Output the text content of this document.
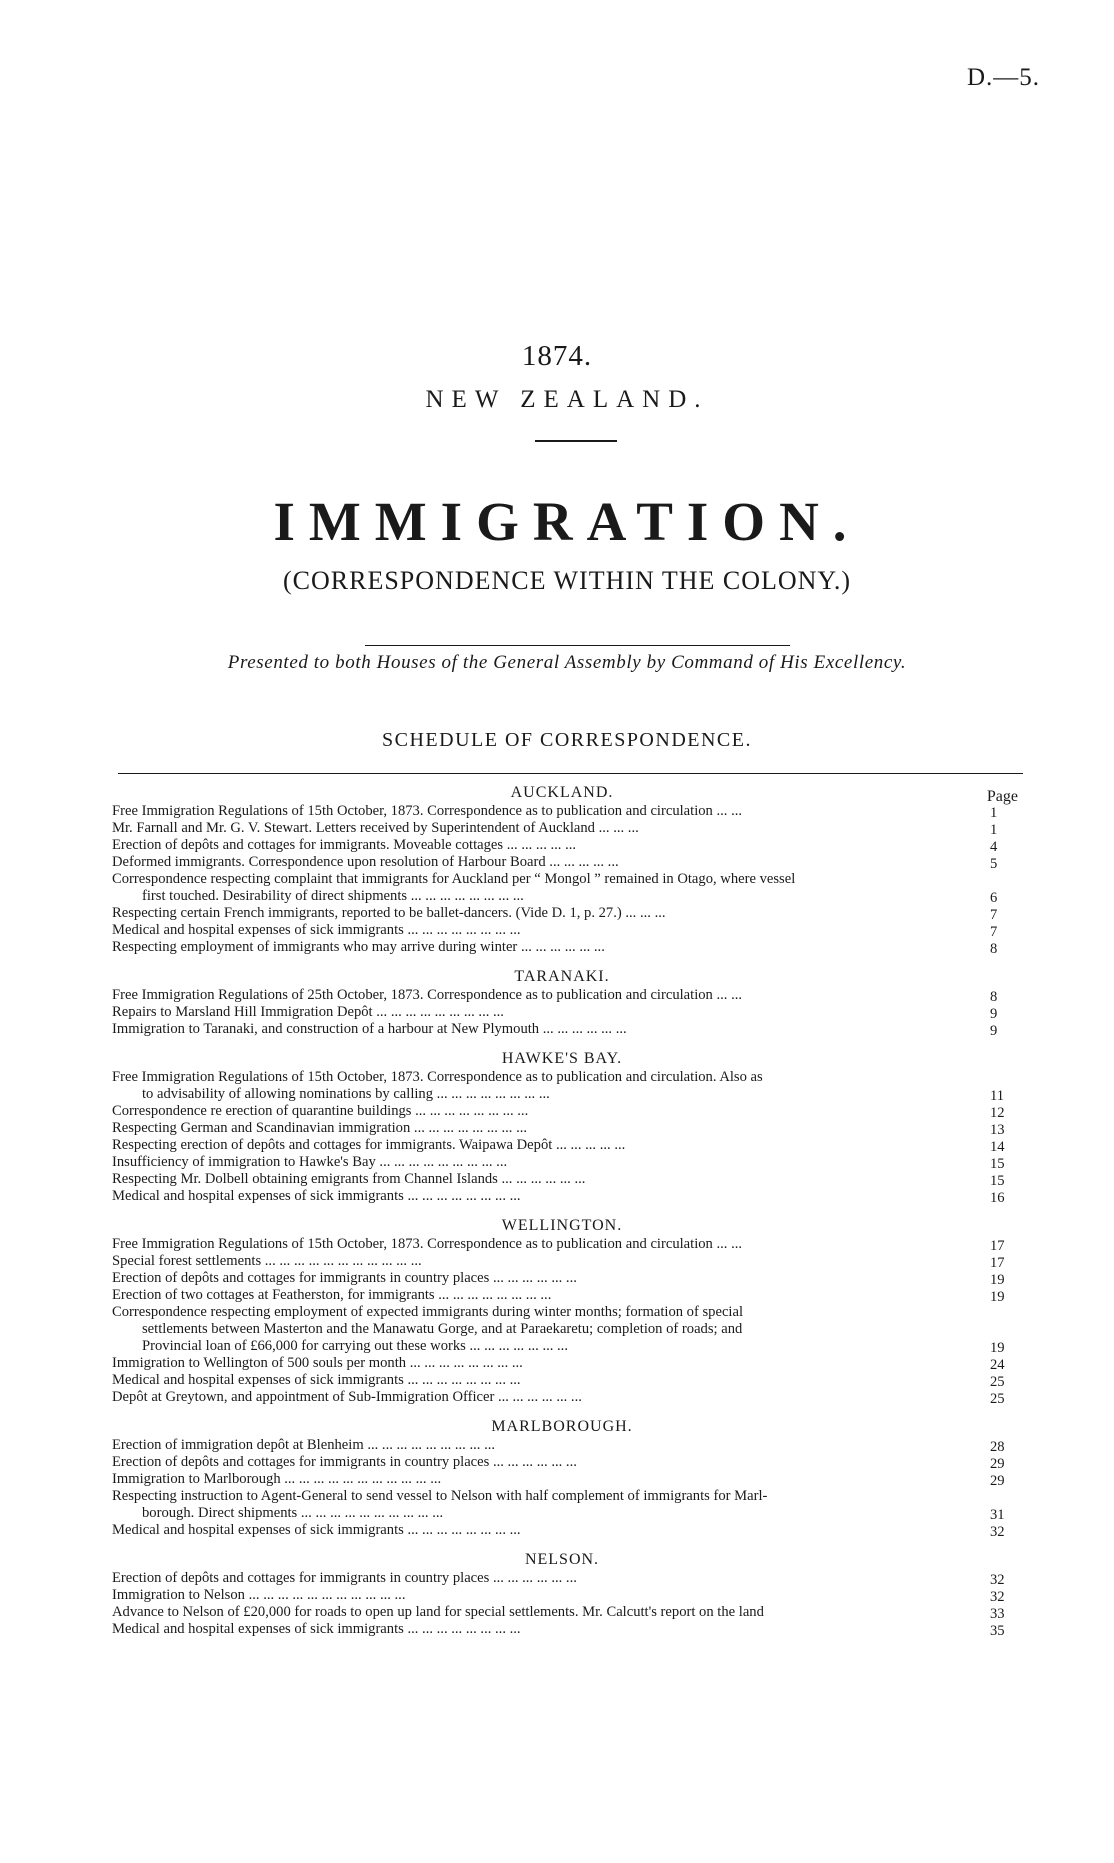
D.—5.
1874.
NEW ZEALAND.
IMMIGRATION.
(CORRESPONDENCE WITHIN THE COLONY.)
Presented to both Houses of the General Assembly by Command of His Excellency.
SCHEDULE OF CORRESPONDENCE.
Page
AUCKLAND.
Free Immigration Regulations of 15th October, 1873. Correspondence as to publication and circulation ... ...	1
Mr. Farnall and Mr. G. V. Stewart. Letters received by Superintendent of Auckland ... ... ...	1
Erection of depôts and cottages for immigrants. Moveable cottages ... ... ... ... ...	4
Deformed immigrants. Correspondence upon resolution of Harbour Board ... ... ... ... ...	5
Correspondence respecting complaint that immigrants for Auckland per “ Mongol ” remained in Otago, where vessel
first touched. Desirability of direct shipments ... ... ... ... ... ... ... ...	6
Respecting certain French immigrants, reported to be ballet-dancers. (Vide D. 1, p. 27.) ... ... ...	7
Medical and hospital expenses of sick immigrants ... ... ... ... ... ... ... ...	7
Respecting employment of immigrants who may arrive during winter ... ... ... ... ... ...	8
TARANAKI.
Free Immigration Regulations of 25th October, 1873. Correspondence as to publication and circulation ... ...	8
Repairs to Marsland Hill Immigration Depôt ... ... ... ... ... ... ... ... ...	9
Immigration to Taranaki, and construction of a harbour at New Plymouth ... ... ... ... ... ...	9
HAWKE'S BAY.
Free Immigration Regulations of 15th October, 1873. Correspondence as to publication and circulation. Also as
to advisability of allowing nominations by calling ... ... ... ... ... ... ... ...	11
Correspondence re erection of quarantine buildings ... ... ... ... ... ... ... ...	12
Respecting German and Scandinavian immigration ... ... ... ... ... ... ... ...	13
Respecting erection of depôts and cottages for immigrants. Waipawa Depôt ... ... ... ... ...	14
Insufficiency of immigration to Hawke's Bay ... ... ... ... ... ... ... ... ...	15
Respecting Mr. Dolbell obtaining emigrants from Channel Islands ... ... ... ... ... ...	15
Medical and hospital expenses of sick immigrants ... ... ... ... ... ... ... ...	16
WELLINGTON.
Free Immigration Regulations of 15th October, 1873. Correspondence as to publication and circulation ... ...	17
Special forest settlements ... ... ... ... ... ... ... ... ... ... ...	17
Erection of depôts and cottages for immigrants in country places ... ... ... ... ... ...	19
Erection of two cottages at Featherston, for immigrants ... ... ... ... ... ... ... ...	19
Correspondence respecting employment of expected immigrants during winter months; formation of special
settlements between Masterton and the Manawatu Gorge, and at Paraekaretu; completion of roads; and
Provincial loan of £66,000 for carrying out these works ... ... ... ... ... ... ...	19
Immigration to Wellington of 500 souls per month ... ... ... ... ... ... ... ...	24
Medical and hospital expenses of sick immigrants ... ... ... ... ... ... ... ...	25
Depôt at Greytown, and appointment of Sub-Immigration Officer ... ... ... ... ... ...	25
MARLBOROUGH.
Erection of immigration depôt at Blenheim ... ... ... ... ... ... ... ... ...	28
Erection of depôts and cottages for immigrants in country places ... ... ... ... ... ...	29
Immigration to Marlborough ... ... ... ... ... ... ... ... ... ... ...	29
Respecting instruction to Agent-General to send vessel to Nelson with half complement of immigrants for Marl-
borough. Direct shipments ... ... ... ... ... ... ... ... ... ...	31
Medical and hospital expenses of sick immigrants ... ... ... ... ... ... ... ...	32
NELSON.
Erection of depôts and cottages for immigrants in country places ... ... ... ... ... ...	32
Immigration to Nelson ... ... ... ... ... ... ... ... ... ... ...	32
Advance to Nelson of £20,000 for roads to open up land for special settlements. Mr. Calcutt's report on the land	33
Medical and hospital expenses of sick immigrants ... ... ... ... ... ... ... ...	35
